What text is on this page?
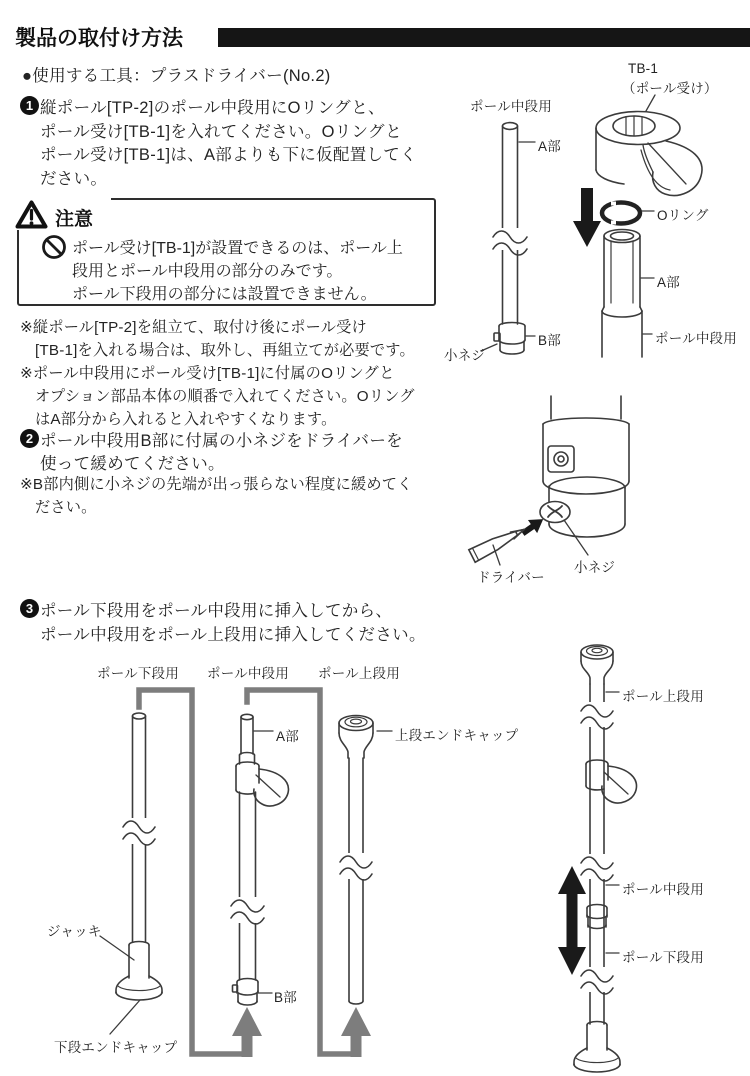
製品の取付け方法
●使用する工具：プラスドライバー(No.2)
1 縦ポール[TP-2]のポール中段用にOリングと、
ポール受け[TB-1]を入れてください。Oリングと
ポール受け[TB-1]は、A部よりも下に仮配置してく
ださい。
注意
ポール受け[TB-1]が設置できるのは、ポール上
段用とポール中段用の部分のみです。
ポール下段用の部分には設置できません。
※縦ポール[TP-2]を組立て、取付け後にポール受け
[TB-1]を入れる場合は、取外し、再組立てが必要です。
※ポール中段用にポール受け[TB-1]に付属のOリングと
オプション部品本体の順番で入れてください。Oリング
はA部分から入れると入れやすくなります。
2 ポール中段用B部に付属の小ネジをドライバーを
使って緩めてください。
※B部内側に小ネジの先端が出っ張らない程度に緩めてく
ださい。
3 ポール下段用をポール中段用に挿入してから、
ポール中段用をポール上段用に挿入してください。
ポール中段用
TB-1
（ポール受け）
A部
Oリング
A部
ポール中段用
B部
小ネジ
ドライバー
小ネジ
ポール下段用 ポール中段用 ポール上段用
A部	上段エンドキャップ
ジャッキ
B部
下段エンドキャップ
ポール上段用
ポール中段用
ポール下段用
